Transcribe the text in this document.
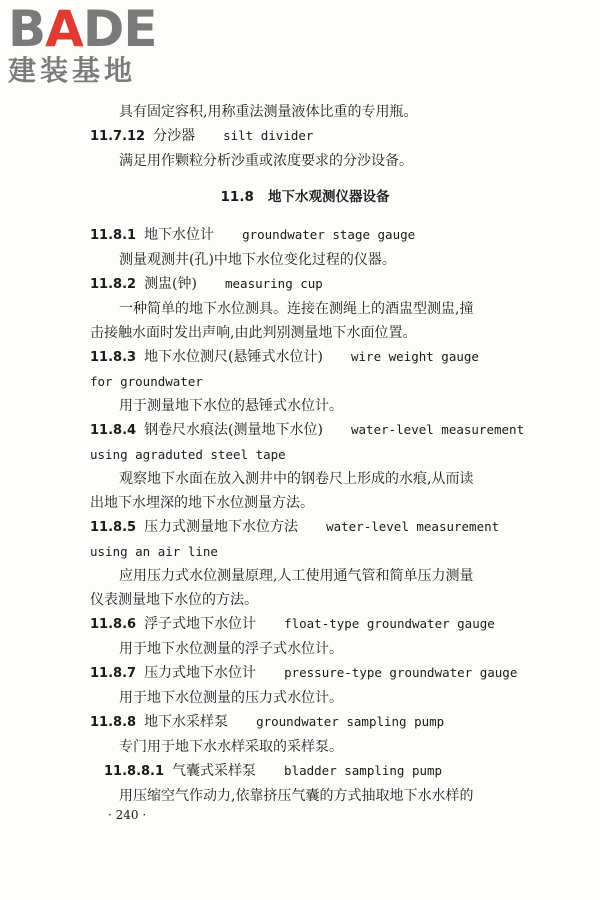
BADE
建装基地
具有固定容积,用称重法测量液体比重的专用瓶。
11.7.12 分沙器 silt divider
满足用作颗粒分析沙重或浓度要求的分沙设备。
11.8 地下水观测仪器设备
11.8.1 地下水位计 groundwater stage gauge
测量观测井(孔)中地下水位变化过程的仪器。
11.8.2 测盅(钟) measuring cup
一种简单的地下水位测具。连接在测绳上的酒盅型测盅,撞
击接触水面时发出声响,由此判别测量地下水面位置。
11.8.3 地下水位测尺(悬锤式水位计) wire weight gauge
for groundwater
用于测量地下水位的悬锤式水位计。
11.8.4 钢卷尺水痕法(测量地下水位) water-level measurement
using agraduted steel tape
观察地下水面在放入测井中的钢卷尺上形成的水痕,从而读
出地下水埋深的地下水位测量方法。
11.8.5 压力式测量地下水位方法 water-level measurement
using an air line
应用压力式水位测量原理,人工使用通气管和简单压力测量
仪表测量地下水位的方法。
11.8.6 浮子式地下水位计 float-type groundwater gauge
用于地下水位测量的浮子式水位计。
11.8.7 压力式地下水位计 pressure-type groundwater gauge
用于地下水位测量的压力式水位计。
11.8.8 地下水采样泵 groundwater sampling pump
专门用于地下水水样采取的采样泵。
11.8.8.1 气囊式采样泵 bladder sampling pump
用压缩空气作动力,依靠挤压气囊的方式抽取地下水水样的
· 240 ·
